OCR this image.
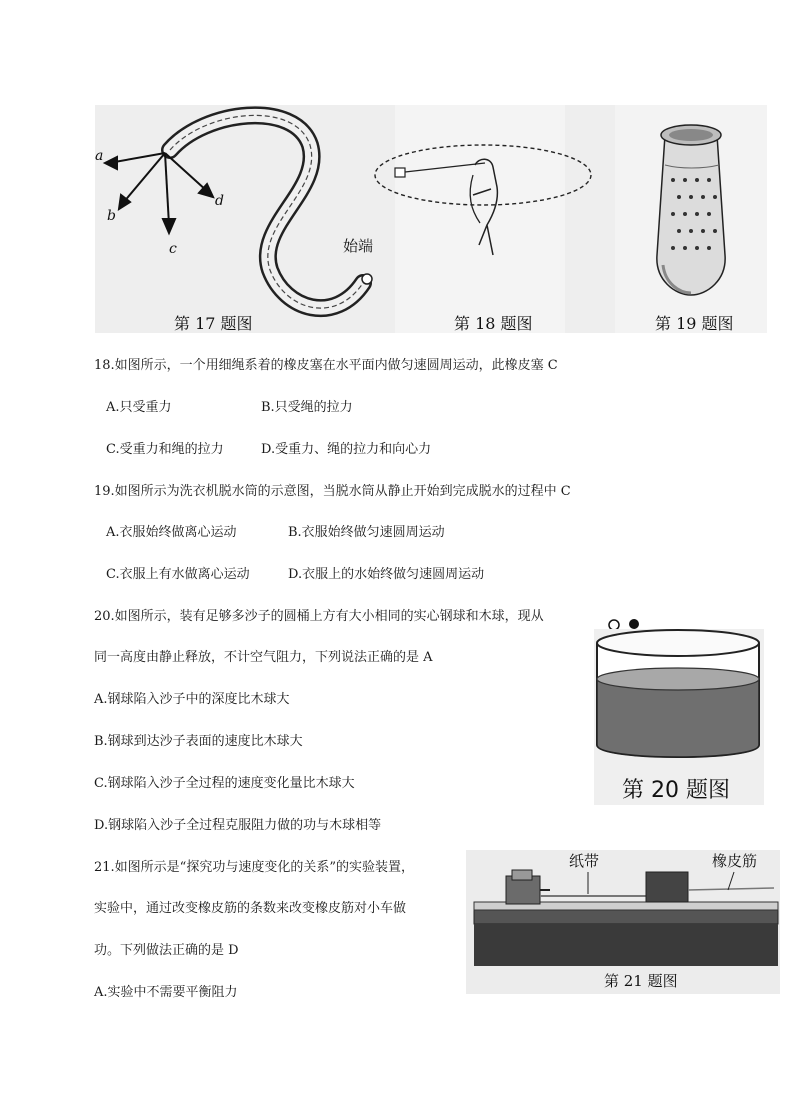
a
b
c
d
始端
第 17 题图	第 18 题图	第 19 题图
18.如图所示，一个用细绳系着的橡皮塞在水平面内做匀速圆周运动，此橡皮塞 C
A.只受重力	B.只受绳的拉力
C.受重力和绳的拉力	D.受重力、绳的拉力和向心力
19.如图所示为洗衣机脱水筒的示意图，当脱水筒从静止开始到完成脱水的过程中 C
A.衣服始终做离心运动	B.衣服始终做匀速圆周运动
C.衣服上有水做离心运动	D.衣服上的水始终做匀速圆周运动
20.如图所示，装有足够多沙子的圆桶上方有大小相同的实心钢球和木球，现从
同一高度由静止释放，不计空气阻力，下列说法正确的是 A
A.钢球陷入沙子中的深度比木球大
B.钢球到达沙子表面的速度比木球大
C.钢球陷入沙子全过程的速度变化量比木球大
D.钢球陷入沙子全过程克服阻力做的功与木球相等
第 20 题图
21.如图所示是“探究功与速度变化的关系”的实验装置，
实验中，通过改变橡皮筋的条数来改变橡皮筋对小车做
功。下列做法正确的是 D
A.实验中不需要平衡阻力
纸带	橡皮筋
第 21 题图
